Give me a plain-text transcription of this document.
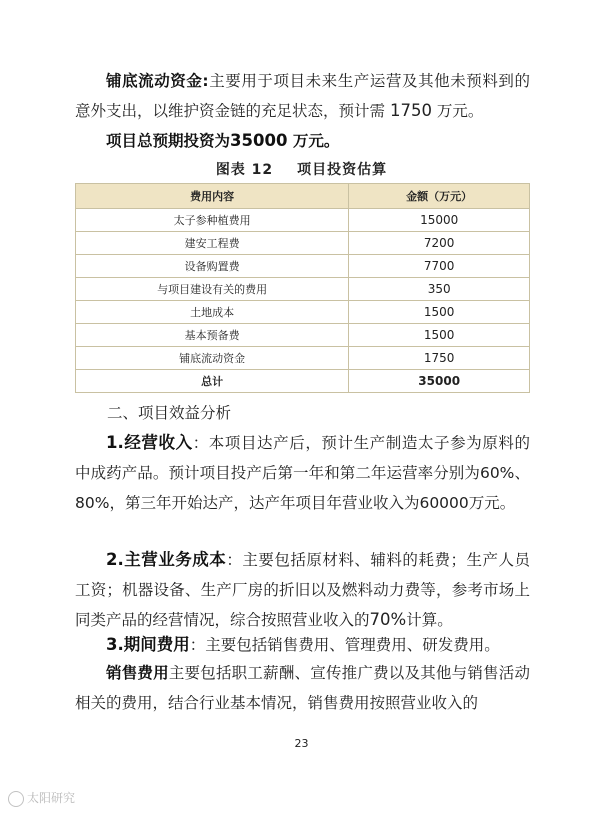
铺底流动资金:主要用于项目未来生产运营及其他未预料到的意外支出，以维护资金链的充足状态，预计需 1750 万元。

项目总预期投资为35000 万元。

图表 12 项目投资估算
费用内容	金额（万元）
太子参种植费用	15000
建安工程费	7200
设备购置费	7700
与项目建设有关的费用	350
土地成本	1500
基本预备费	1500
铺底流动资金	1750
总计	35000
二、项目效益分析

1.经营收入：本项目达产后，预计生产制造太子参为原料的中成药产品。预计项目投产后第一年和第二年运营率分别为60%、80%，第三年开始达产，达产年项目年营业收入为60000万元。

2.主营业务成本：主要包括原材料、辅料的耗费；生产人员工资；机器设备、生产厂房的折旧以及燃料动力费等，参考市场上同类产品的经营情况，综合按照营业收入的70%计算。

3.期间费用：主要包括销售费用、管理费用、研发费用。

销售费用主要包括职工薪酬、宣传推广费以及其他与销售活动相关的费用，结合行业基本情况，销售费用按照营业收入的

23
太阳研究
